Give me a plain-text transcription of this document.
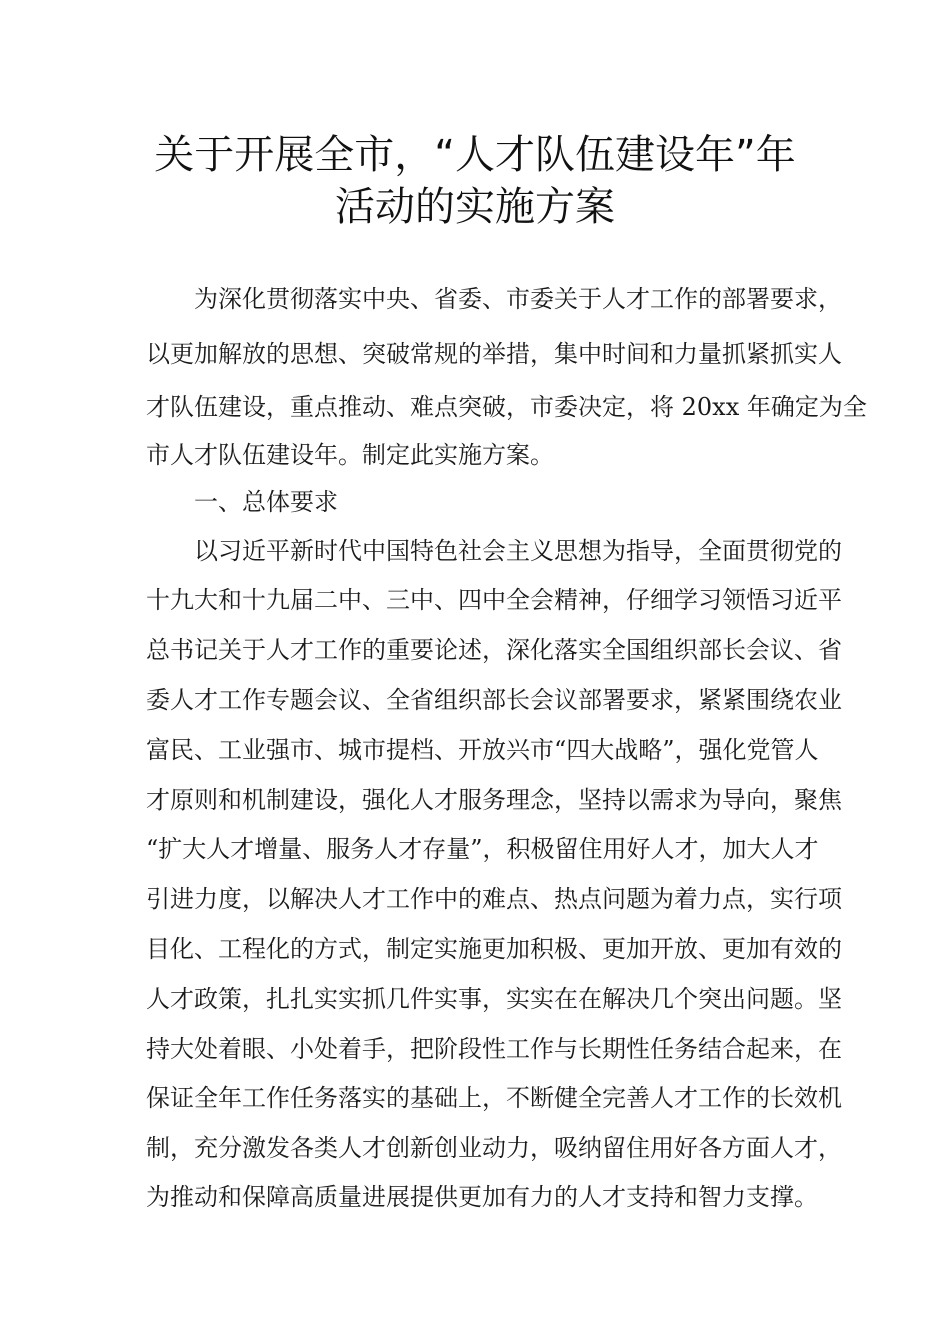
关于开展全市，“人才队伍建设年”年
活动的实施方案
为深化贯彻落实中央、省委、市委关于人才工作的部署要求，
以更加解放的思想、突破常规的举措，集中时间和力量抓紧抓实人
才队伍建设，重点推动、难点突破，市委决定，将 20xx 年确定为全
市人才队伍建设年。制定此实施方案。
一、总体要求
以习近平新时代中国特色社会主义思想为指导，全面贯彻党的
十九大和十九届二中、三中、四中全会精神，仔细学习领悟习近平
总书记关于人才工作的重要论述，深化落实全国组织部长会议、省
委人才工作专题会议、全省组织部长会议部署要求，紧紧围绕农业
富民、工业强市、城市提档、开放兴市“四大战略”，强化党管人
才原则和机制建设，强化人才服务理念，坚持以需求为导向，聚焦
“扩大人才增量、服务人才存量”，积极留住用好人才，加大人才
引进力度，以解决人才工作中的难点、热点问题为着力点，实行项
目化、工程化的方式，制定实施更加积极、更加开放、更加有效的
人才政策，扎扎实实抓几件实事，实实在在解决几个突出问题。坚
持大处着眼、小处着手，把阶段性工作与长期性任务结合起来，在
保证全年工作任务落实的基础上，不断健全完善人才工作的长效机
制，充分激发各类人才创新创业动力，吸纳留住用好各方面人才，
为推动和保障高质量进展提供更加有力的人才支持和智力支撑。
